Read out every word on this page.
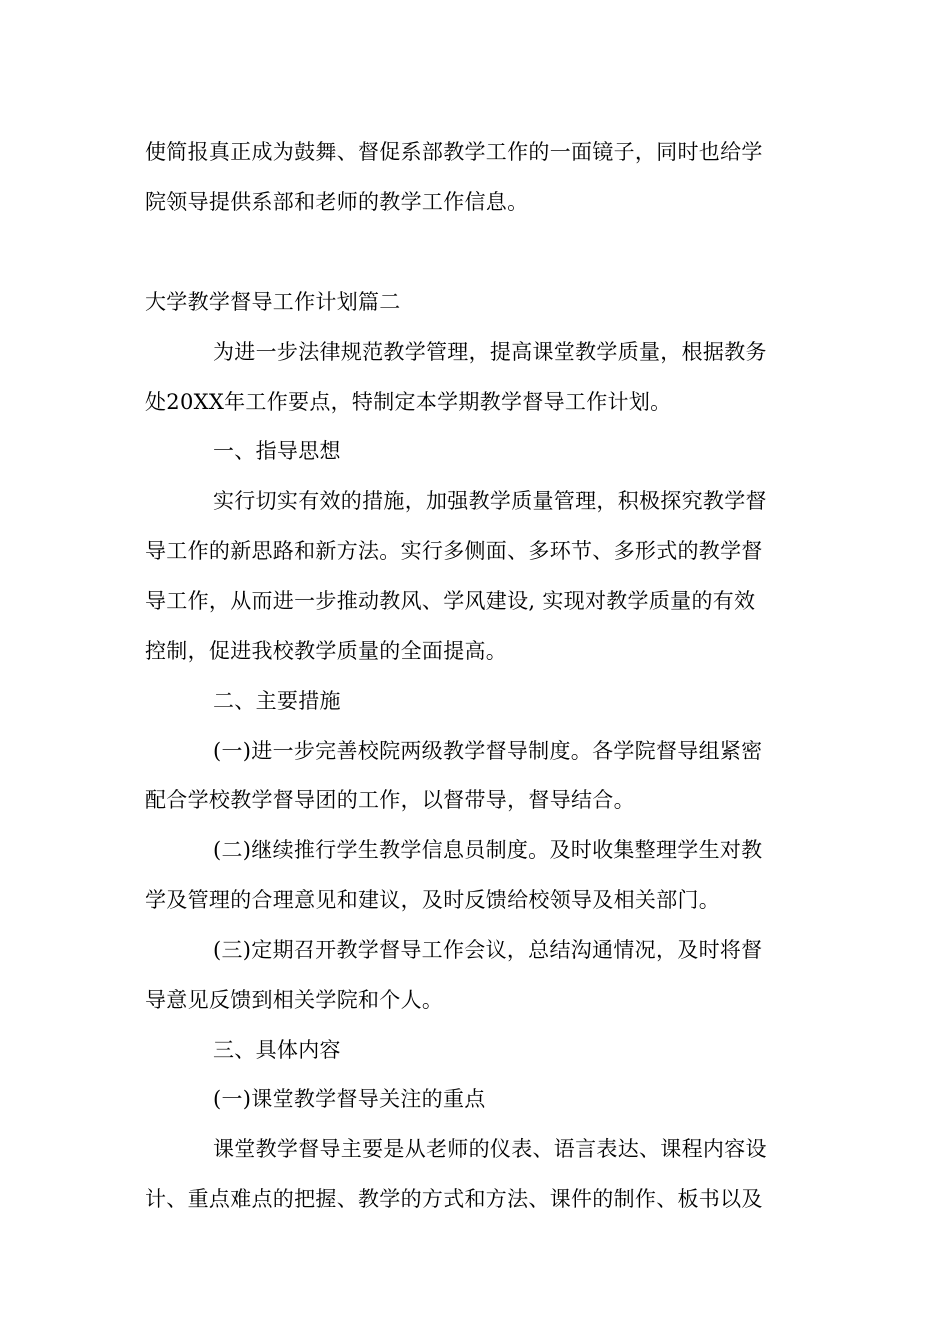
使简报真正成为鼓舞、督促系部教学工作的一面镜子，同时也给学
院领导提供系部和老师的教学工作信息。
大学教学督导工作计划篇二
为进一步法律规范教学管理，提高课堂教学质量，根据教务
处20XX年工作要点，特制定本学期教学督导工作计划。
一、指导思想
实行切实有效的措施，加强教学质量管理，积极探究教学督
导工作的新思路和新方法。实行多侧面、多环节、多形式的教学督
导工作，从而进一步推动教风、学风建设, 实现对教学质量的有效
控制，促进我校教学质量的全面提高。
二、主要措施
(一)进一步完善校院两级教学督导制度。各学院督导组紧密
配合学校教学督导团的工作，以督带导，督导结合。
(二)继续推行学生教学信息员制度。及时收集整理学生对教
学及管理的合理意见和建议，及时反馈给校领导及相关部门。
(三)定期召开教学督导工作会议，总结沟通情况，及时将督
导意见反馈到相关学院和个人。
三、具体内容
(一)课堂教学督导关注的重点
课堂教学督导主要是从老师的仪表、语言表达、课程内容设
计、重点难点的把握、教学的方式和方法、课件的制作、板书以及
